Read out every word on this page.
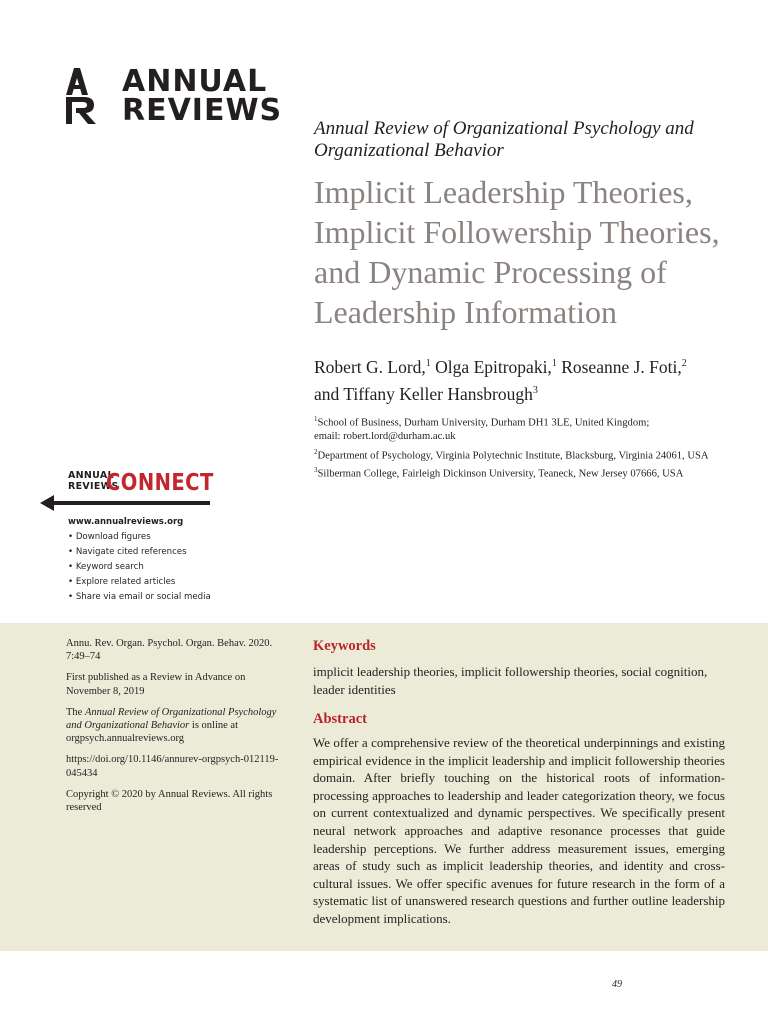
ANNUAL
REVIEWS
Annual Review of Organizational Psychology and Organizational Behavior
Implicit Leadership Theories, Implicit Followership Theories, and Dynamic Processing of Leadership Information
Robert G. Lord,$^1$ Olga Epitropaki,$^1$ Roseanne J. Foti,$^2$
and Tiffany Keller Hansbrough$^3$
$^1$School of Business, Durham University, Durham DH1 3LE, United Kingdom;
email: robert.lord@durham.ac.uk
$^2$Department of Psychology, Virginia Polytechnic Institute, Blacksburg, Virginia 24061, USA
$^3$Silberman College, Fairleigh Dickinson University, Teaneck, New Jersey 07666, USA
ANNUAL
REVIEWS
CONNECT
www.annualreviews.org
• Download figures
• Navigate cited references
• Keyword search
• Explore related articles
• Share via email or social media

Annu. Rev. Organ. Psychol. Organ. Behav. 2020. 7:49–74

First published as a Review in Advance on November 8, 2019

The Annual Review of Organizational Psychology and Organizational Behavior is online at orgpsych.annualreviews.org

https://doi.org/10.1146/annurev-orgpsych-012119-045434

Copyright © 2020 by Annual Reviews. All rights reserved

Keywords

implicit leadership theories, implicit followership theories, social cognition, leader identities

Abstract

We offer a comprehensive review of the theoretical underpinnings and existing empirical evidence in the implicit leadership and implicit followership theories domain. After briefly touching on the historical roots of information-processing approaches to leadership and leader categorization theory, we focus on current contextualized and dynamic perspectives. We specifically present neural network approaches and adaptive resonance processes that guide leadership perceptions. We further address measurement issues, emerging areas of study such as implicit leadership theories, and identity and cross-cultural issues. We offer specific avenues for future research in the form of a systematic list of unanswered research questions and further outline leadership development implications.

49
